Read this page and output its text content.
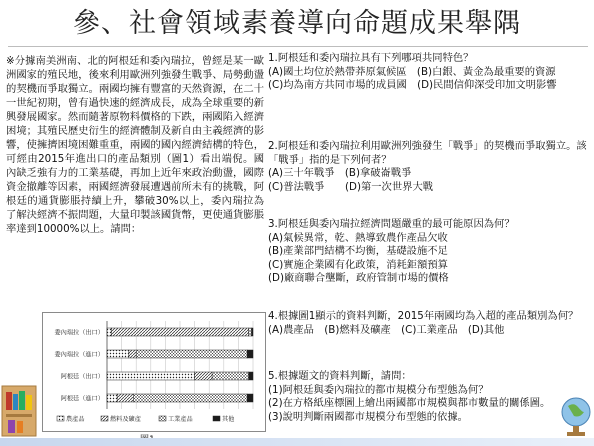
參、社會領域素養導向命題成果舉隅
※分據南美洲南、北的阿根廷和委內瑞拉，曾經是某一歐洲國家的殖民地，後來利用歐洲列強發生戰爭、局勢動盪的契機而爭取獨立。兩國均擁有豐富的天然資源，在二十一世紀初期，曾有過快速的經濟成長，成為全球重要的新興發展國家。然而隨著原物料價格的下跌，兩國陷入經濟困境；其殖民歷史衍生的經濟體制及新自由主義經濟的影響，使擁擠困境困難重重，兩國的國內經濟結構的特色，可經由2015年進出口的產品類別（圖1）看出端倪。國內缺乏強有力的工業基礎，再加上近年來政治動盪，國際資金撤離等因素，兩國經濟發展遭遇前所未有的挑戰，阿根廷的通貨膨脹持續上升，攀破30%以上，委內瑞拉為了解決經濟不振問題，大量印製該國貨幣，更使通貨膨脹率達到10000%以上。請問：

1.阿根廷和委內瑞拉具有下列哪項共同特色？

(A)國土均位於熱帶莽原氣候區　(B)白銀、黃金為最重要的資源

(C)均為南方共同市場的成員國　(D)民間信仰深受印加文明影響

2.阿根廷和委內瑞拉利用歐洲列強發生「戰爭」的契機而爭取獨立。該「戰爭」指的是下列何者？

(A)三十年戰爭　(B)拿破崙戰爭

(C)普法戰爭　　(D)第一次世界大戰

3.阿根廷與委內瑞拉經濟問題嚴重的最可能原因為何？

(A)氣候異常，乾、熱導致農作產品欠收

(B)產業部門結構不均衡，基礎設施不足

(C)實施企業國有化政策，消耗鉅額預算

(D)廠商聯合壟斷，政府管制市場的價格

4.根據圖1顯示的資料判斷，2015年兩國均為入超的產品類別為何？

(A)農產品　(B)燃料及礦產　(C)工業產品　(D)其他

5.根據題文的資料判斷，請問：

(1)阿根廷與委內瑞拉的都市規模分布型態為何？

(2)在方格紙座標圖上繪出兩國都市規模與都市數量的關係圖。

(3)說明判斷兩國都市規模分布型態的依據。

委內瑞拉（出口）
委內瑞拉（進口）
阿根廷（出口）
阿根廷（進口）
農產品	燃料及礦產	工業產品	其他
